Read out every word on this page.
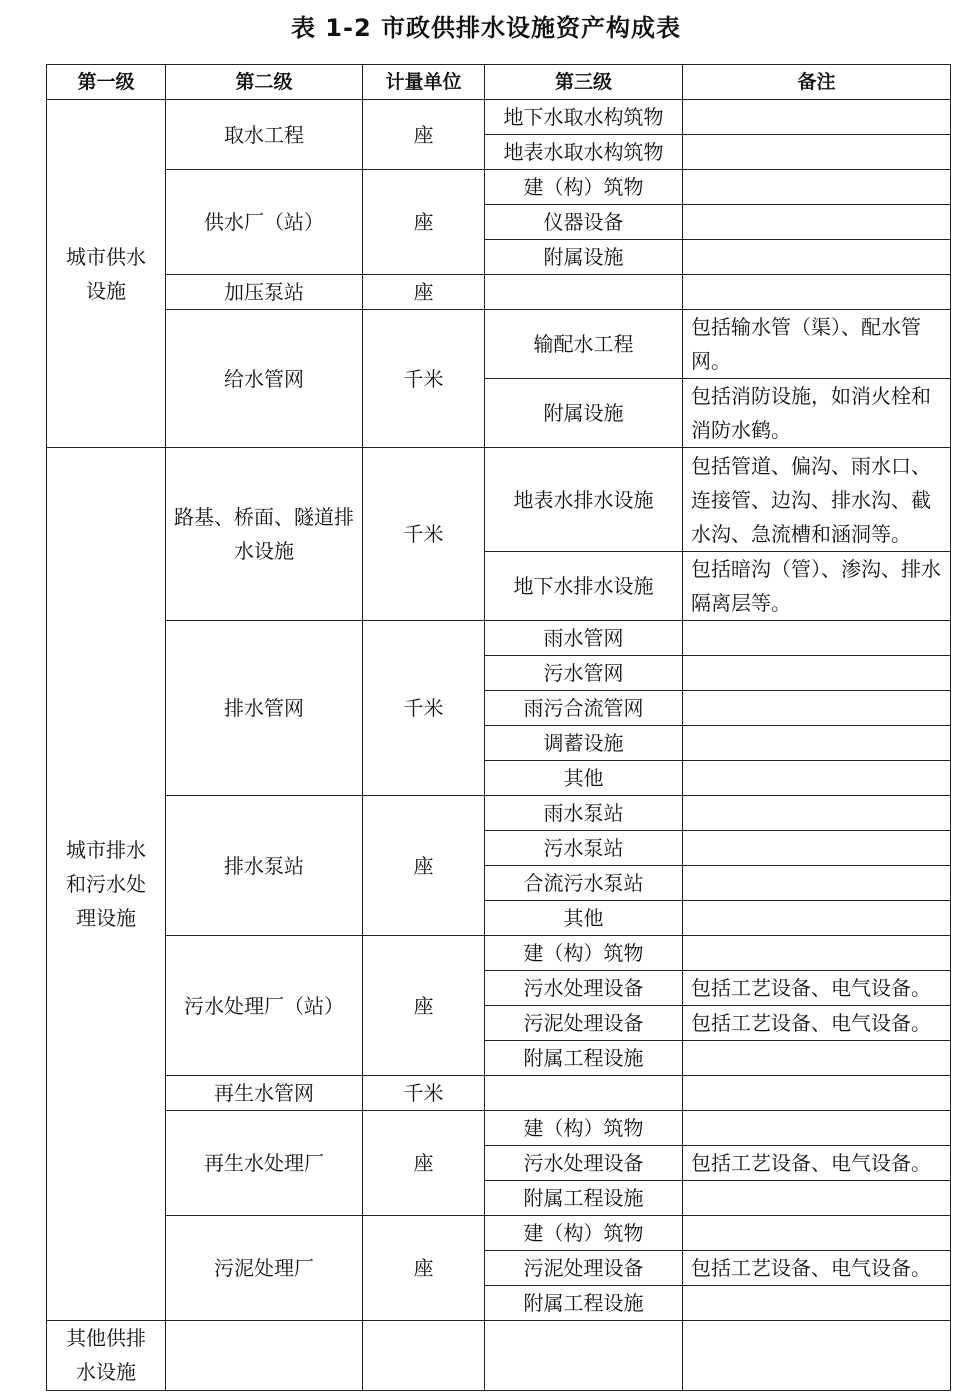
表 1-2 市政供排水设施资产构成表
第一级	第二级	计量单位	第三级	备注
城市供水设施	取水工程	座	地下水取水构筑物	
			地表水取水构筑物	
	供水厂（站）	座	建（构）筑物	
			仪器设备	
			附属设施	
	加压泵站	座		
	给水管网	千米	输配水工程	包括输水管（渠）、配水管网。
			附属设施	包括消防设施，如消火栓和消防水鹤。
城市排水和污水处理设施	路基、桥面、隧道排水设施	千米	地表水排水设施	包括管道、偏沟、雨水口、连接管、边沟、排水沟、截水沟、急流槽和涵洞等。
			地下水排水设施	包括暗沟（管）、渗沟、排水隔离层等。
	排水管网	千米	雨水管网	
			污水管网	
			雨污合流管网	
			调蓄设施	
			其他	
	排水泵站	座	雨水泵站	
			污水泵站	
			合流污水泵站	
			其他	
	污水处理厂（站）	座	建（构）筑物	
			污水处理设备	包括工艺设备、电气设备。
			污泥处理设备	包括工艺设备、电气设备。
			附属工程设施	
	再生水管网	千米		
	再生水处理厂	座	建（构）筑物	
			污水处理设备	包括工艺设备、电气设备。
			附属工程设施	
	污泥处理厂	座	建（构）筑物	
			污泥处理设备	包括工艺设备、电气设备。
			附属工程设施	
其他供排水设施				
